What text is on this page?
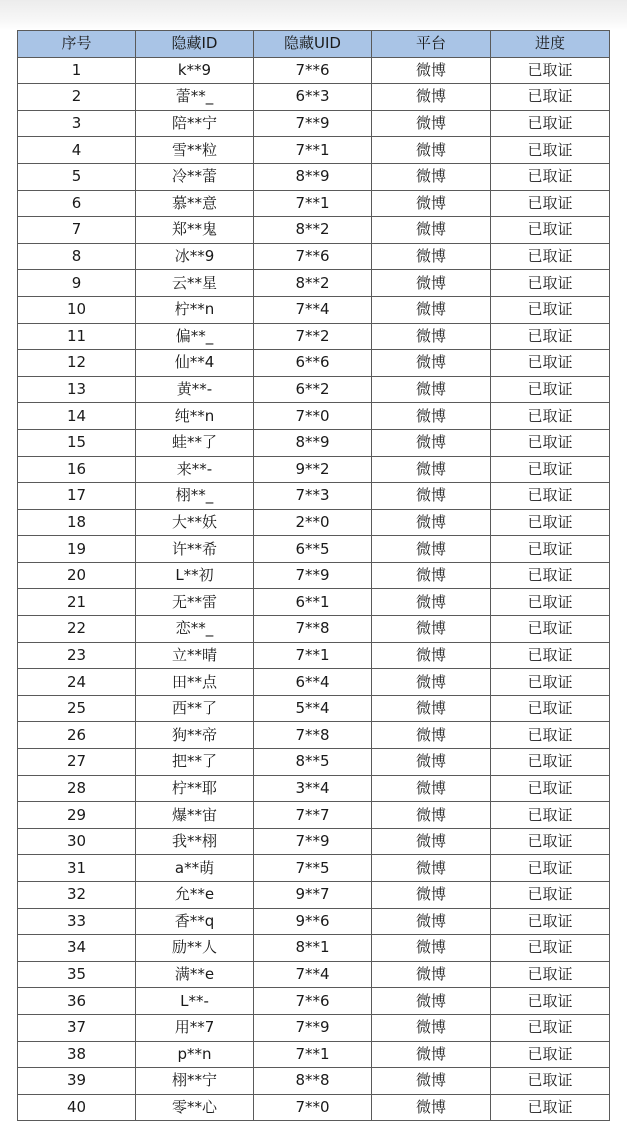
序号	隐藏ID	隐藏UID	平台	进度
1	k**9	7**6	微博	已取证
2	蕾**_	6**3	微博	已取证
3	陪**宁	7**9	微博	已取证
4	雪**粒	7**1	微博	已取证
5	冷**蕾	8**9	微博	已取证
6	慕**意	7**1	微博	已取证
7	郑**鬼	8**2	微博	已取证
8	冰**9	7**6	微博	已取证
9	云**星	8**2	微博	已取证
10	柠**n	7**4	微博	已取证
11	偏**_	7**2	微博	已取证
12	仙**4	6**6	微博	已取证
13	黄**-	6**2	微博	已取证
14	纯**n	7**0	微博	已取证
15	蛙**了	8**9	微博	已取证
16	来**-	9**2	微博	已取证
17	栩**_	7**3	微博	已取证
18	大**妖	2**0	微博	已取证
19	许**希	6**5	微博	已取证
20	L**初	7**9	微博	已取证
21	无**雷	6**1	微博	已取证
22	恋**_	7**8	微博	已取证
23	立**晴	7**1	微博	已取证
24	田**点	6**4	微博	已取证
25	西**了	5**4	微博	已取证
26	狗**帝	7**8	微博	已取证
27	把**了	8**5	微博	已取证
28	柠**耶	3**4	微博	已取证
29	爆**宙	7**7	微博	已取证
30	我**栩	7**9	微博	已取证
31	a**萌	7**5	微博	已取证
32	允**e	9**7	微博	已取证
33	香**q	9**6	微博	已取证
34	励**人	8**1	微博	已取证
35	满**e	7**4	微博	已取证
36	L**-	7**6	微博	已取证
37	用**7	7**9	微博	已取证
38	p**n	7**1	微博	已取证
39	栩**宁	8**8	微博	已取证
40	零**心	7**0	微博	已取证
